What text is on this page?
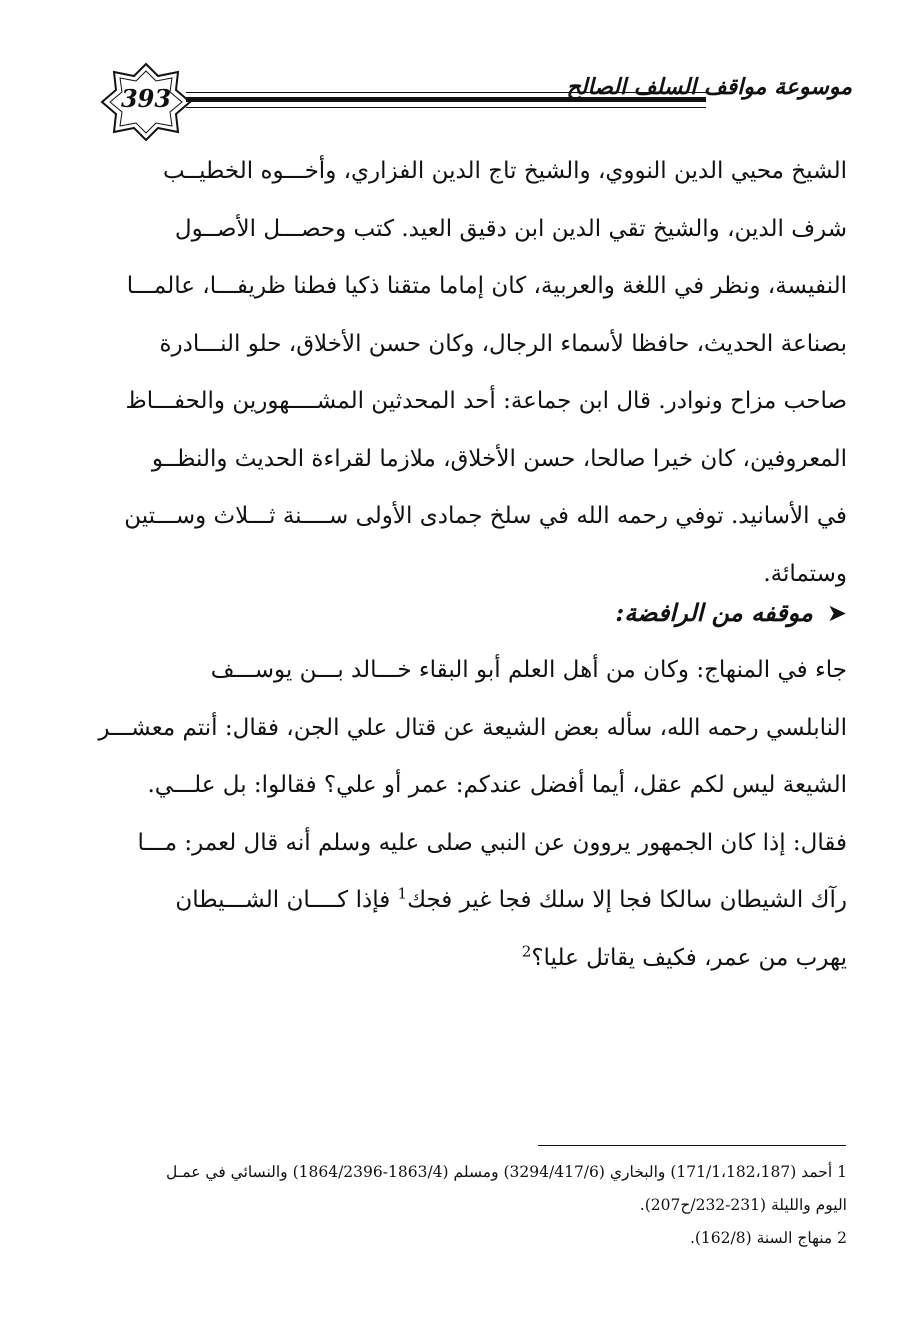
393	موسوعة مواقف السلف الصالح
الشيخ محيي الدين النووي، والشيخ تاج الدين الفزاري، وأخـــوه الخطيــب
شرف الدين، والشيخ تقي الدين ابن دقيق العيد. كتب وحصـــل الأصــول
النفيسة، ونظر في اللغة والعربية، كان إماما متقنا ذكيا فطنا ظريفـــا، عالمـــا
بصناعة الحديث، حافظا لأسماء الرجال، وكان حسن الأخلاق، حلو النـــادرة
صاحب مزاح ونوادر. قال ابن جماعة: أحد المحدثين المشــــهورين والحفـــاظ
المعروفين، كان خيرا صالحا، حسن الأخلاق، ملازما لقراءة الحديث والنظــو
في الأسانيد. توفي رحمه الله في سلخ جمادى الأولى ســــنة ثـــلاث وســـتين
وستمائة.
➤موقفه من الرافضة:
جاء في المنهاج: وكان من أهل العلم أبو البقاء خـــالد بـــن يوســـف
النابلسي رحمه الله، سأله بعض الشيعة عن قتال علي الجن، فقال: أنتم معشـــر
الشيعة ليس لكم عقل، أيما أفضل عندكم: عمر أو علي؟ فقالوا: بل علـــي.
فقال: إذا كان الجمهور يروون عن النبي صلى عليه وسلم أنه قال لعمر: مـــا
رآك الشيطان سالكا فجا إلا سلك فجا غير فجك$^1$ فإذا كــــان الشـــيطان
يهرب من عمر، فكيف يقاتل عليا؟$^2$
1 أحمد (171/1،182،187) والبخاري (3294/417/6) ومسلم (1863/4-1864/2396) والنسائي في عمـل
اليوم والليلة (231-232/ح207).
2 منهاج السنة (162/8).
